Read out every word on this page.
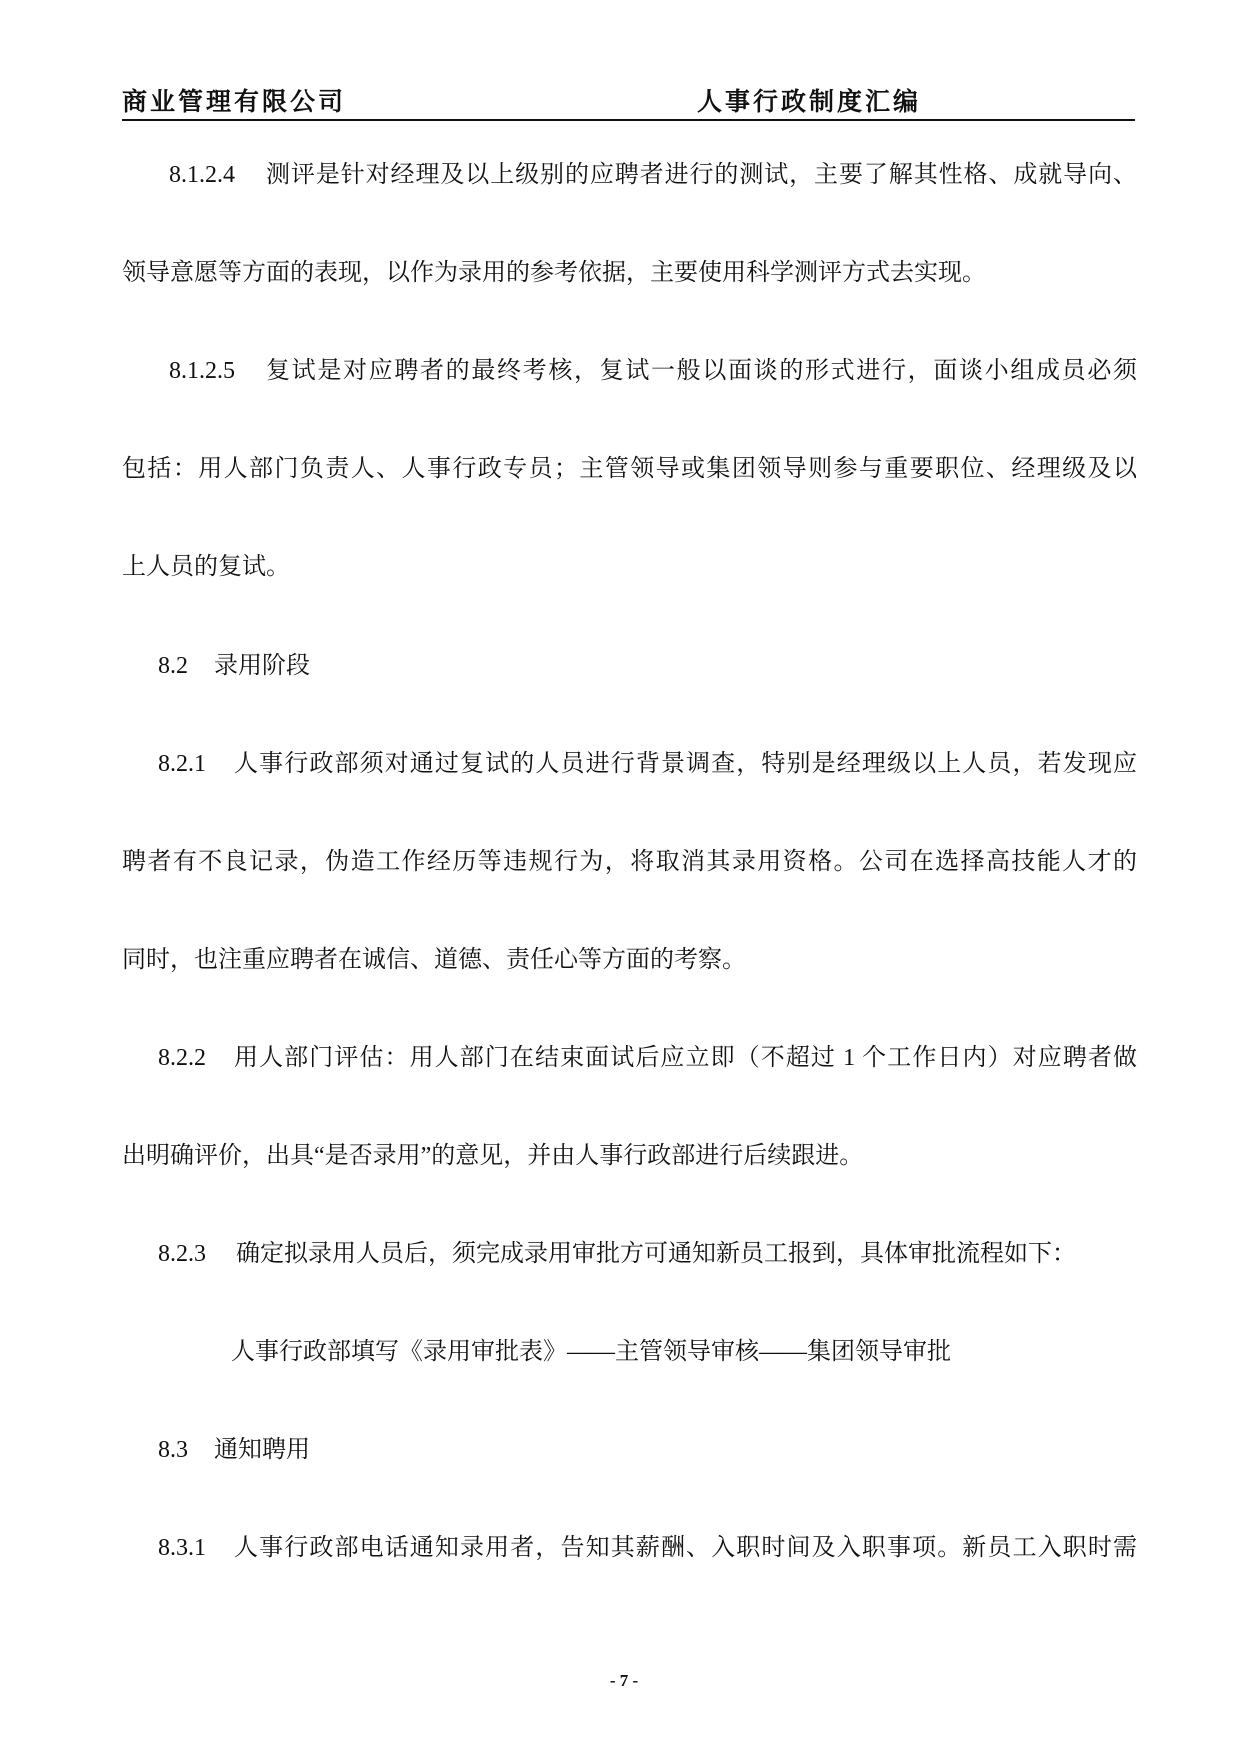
商业管理有限公司	人事行政制度汇编
8.1.2.4	测评是针对经理及以上级别的应聘者进行的测试，主要了解其性格、成就导向、
领导意愿等方面的表现，以作为录用的参考依据，主要使用科学测评方式去实现。
8.1.2.5	复试是对应聘者的最终考核，复试一般以面谈的形式进行，面谈小组成员必须
包括：用人部门负责人、人事行政专员；主管领导或集团领导则参与重要职位、经理级及以
上人员的复试。
8.2	录用阶段
8.2.1	人事行政部须对通过复试的人员进行背景调查，特别是经理级以上人员，若发现应
聘者有不良记录，伪造工作经历等违规行为，将取消其录用资格。公司在选择高技能人才的
同时，也注重应聘者在诚信、道德、责任心等方面的考察。
8.2.2	用人部门评估：用人部门在结束面试后应立即（不超过 1 个工作日内）对应聘者做
出明确评价，出具“是否录用”的意见，并由人事行政部进行后续跟进。
8.2.3	确定拟录用人员后，须完成录用审批方可通知新员工报到，具体审批流程如下：
人事行政部填写《录用审批表》——主管领导审核——集团领导审批
8.3	通知聘用
8.3.1	人事行政部电话通知录用者，告知其薪酬、入职时间及入职事项。新员工入职时需
- 7 -
